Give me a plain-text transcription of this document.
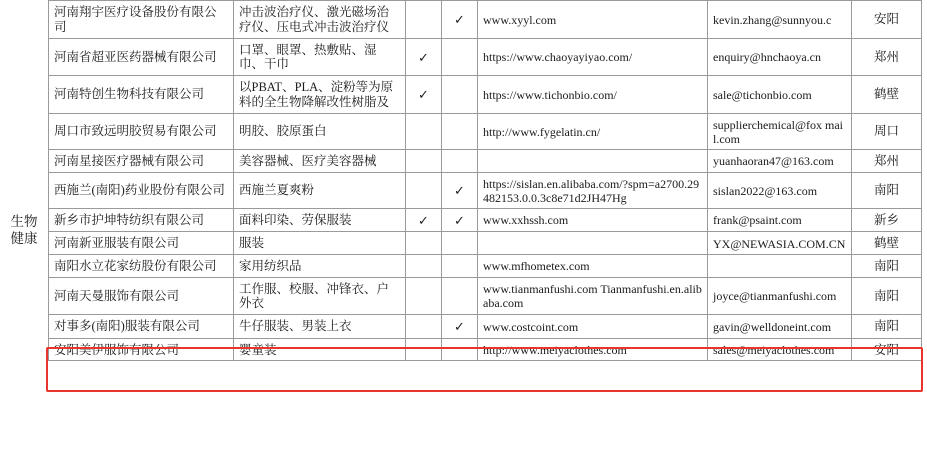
生物健康
河南翔宇医疗设备股份有限公司	冲击波治疗仪、激光磁场治疗仪、压电式冲击波治疗仪		✓	www.xyyl.com	kevin.zhang@sunnyou.c	安阳
河南省超亚医药器械有限公司	口罩、眼罩、热敷贴、湿巾、干巾	✓		https://www.chaoyayiyao.com/	enquiry@hnchaoya.cn	郑州
河南特创生物科技有限公司	以PBAT、PLA、淀粉等为原料的全生物降解改性树脂及	✓		https://www.tichonbio.com/	sale@tichonbio.com	鹤壁
周口市致远明胶贸易有限公司	明胶、胶原蛋白			http://www.fygelatin.cn/	supplierchemical@fox mail.com	周口
河南星接医疗器械有限公司	美容器械、医疗美容器械				yuanhaoran47@163.com	郑州
西施兰(南阳)药业股份有限公司	西施兰夏爽粉		✓	https://sislan.en.alibaba.com/?spm=a2700.29482153.0.0.3c8e71d2JH47Hg	sislan2022@163.com	南阳
新乡市护坤特纺织有限公司	面料印染、劳保服装	✓	✓	www.xxhssh.com	frank@psaint.com	新乡
河南新亚服装有限公司	服装				YX@NEWASIA.COM.CN	鹤壁
南阳水立花家纺股份有限公司	家用纺织品			www.mfhometex.com		南阳
河南天曼服饰有限公司	工作服、校服、冲锋衣、户外衣			www.tianmanfushi.com Tianmanfushi.en.alibaba.com	joyce@tianmanfushi.com	南阳
对事多(南阳)服装有限公司	牛仔服装、男装上衣		✓	www.costcoint.com	gavin@welldoneint.com	南阳
安阳美伊服饰有限公司	婴童装			http://www.meiyaclothes.com	sales@meiyaclothes.com	安阳
